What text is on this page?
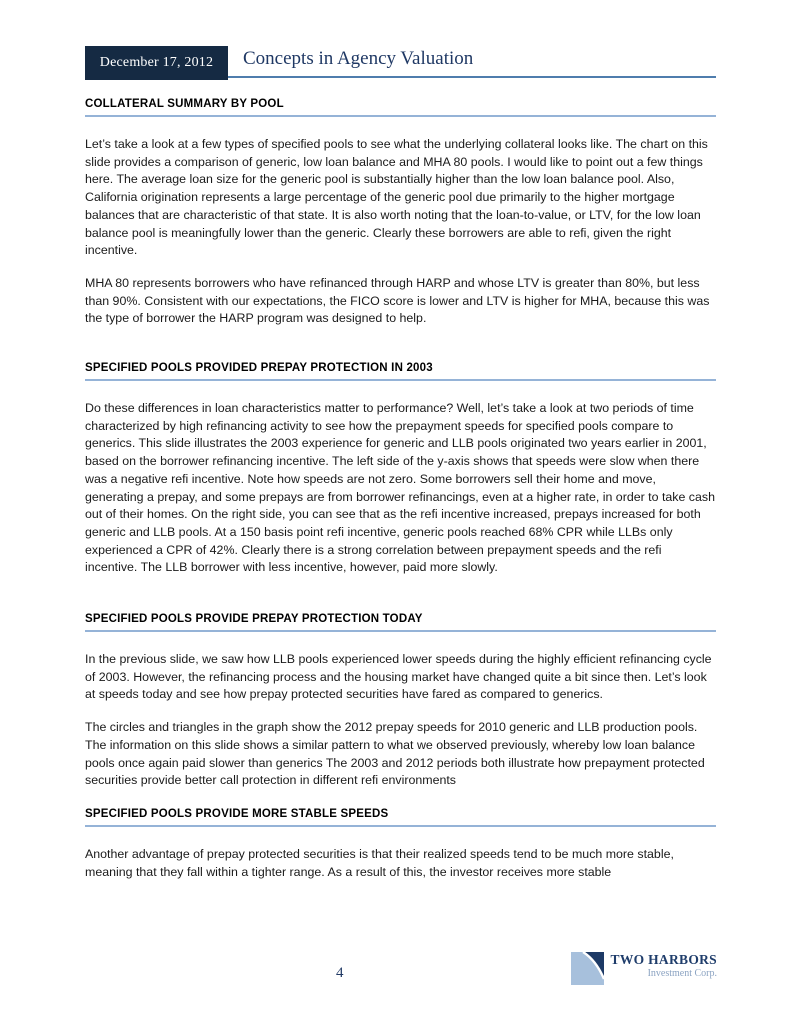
December 17, 2012 Concepts in Agency Valuation
COLLATERAL SUMMARY BY POOL

Let’s take a look at a few types of specified pools to see what the underlying collateral looks like. The chart on this slide provides a comparison of generic, low loan balance and MHA 80 pools. I would like to point out a few things here. The average loan size for the generic pool is substantially higher than the low loan balance pool. Also, California origination represents a large percentage of the generic pool due primarily to the higher mortgage balances that are characteristic of that state. It is also worth noting that the loan-to-value, or LTV, for the low loan balance pool is meaningfully lower than the generic. Clearly these borrowers are able to refi, given the right incentive.

MHA 80 represents borrowers who have refinanced through HARP and whose LTV is greater than 80%, but less than 90%. Consistent with our expectations, the FICO score is lower and LTV is higher for MHA, because this was the type of borrower the HARP program was designed to help.

SPECIFIED POOLS PROVIDED PREPAY PROTECTION IN 2003

Do these differences in loan characteristics matter to performance? Well, let’s take a look at two periods of time characterized by high refinancing activity to see how the prepayment speeds for specified pools compare to generics. This slide illustrates the 2003 experience for generic and LLB pools originated two years earlier in 2001, based on the borrower refinancing incentive. The left side of the y-axis shows that speeds were slow when there was a negative refi incentive. Note how speeds are not zero. Some borrowers sell their home and move, generating a prepay, and some prepays are from borrower refinancings, even at a higher rate, in order to take cash out of their homes. On the right side, you can see that as the refi incentive increased, prepays increased for both generic and LLB pools. At a 150 basis point refi incentive, generic pools reached 68% CPR while LLBs only experienced a CPR of 42%. Clearly there is a strong correlation between prepayment speeds and the refi incentive. The LLB borrower with less incentive, however, paid more slowly.

SPECIFIED POOLS PROVIDE PREPAY PROTECTION TODAY

In the previous slide, we saw how LLB pools experienced lower speeds during the highly efficient refinancing cycle of 2003. However, the refinancing process and the housing market have changed quite a bit since then. Let’s look at speeds today and see how prepay protected securities have fared as compared to generics.

The circles and triangles in the graph show the 2012 prepay speeds for 2010 generic and LLB production pools. The information on this slide shows a similar pattern to what we observed previously, whereby low loan balance pools once again paid slower than generics The 2003 and 2012 periods both illustrate how prepayment protected securities provide better call protection in different refi environments

SPECIFIED POOLS PROVIDE MORE STABLE SPEEDS

Another advantage of prepay protected securities is that their realized speeds tend to be much more stable, meaning that they fall within a tighter range. As a result of this, the investor receives more stable

4
TWO HARBORS
Investment Corp.
